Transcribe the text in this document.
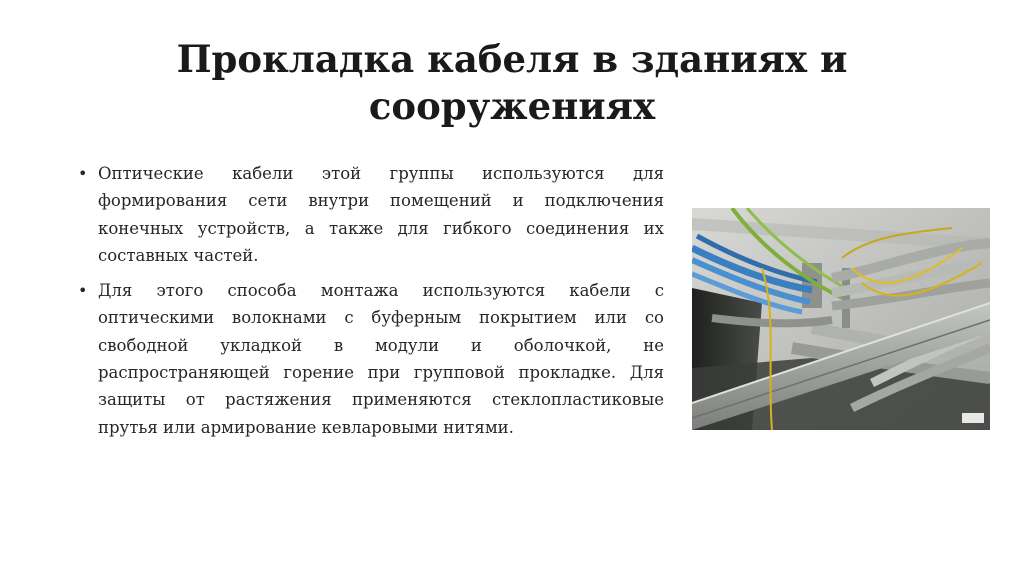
Прокладка кабеля в зданиях и сооружениях
• Оптические кабели этой группы используются для формирования сети внутри помещений и подключения конечных устройств, а также для гибкого соединения их составных частей.
• Для этого способа монтажа используются кабели с оптическими волокнами с буферным покрытием или со свободной укладкой в модули и оболочкой, не распространяющей горение при групповой прокладке. Для защиты от растяжения применяются стеклопластиковые прутья или армирование кевларовыми нитями.
